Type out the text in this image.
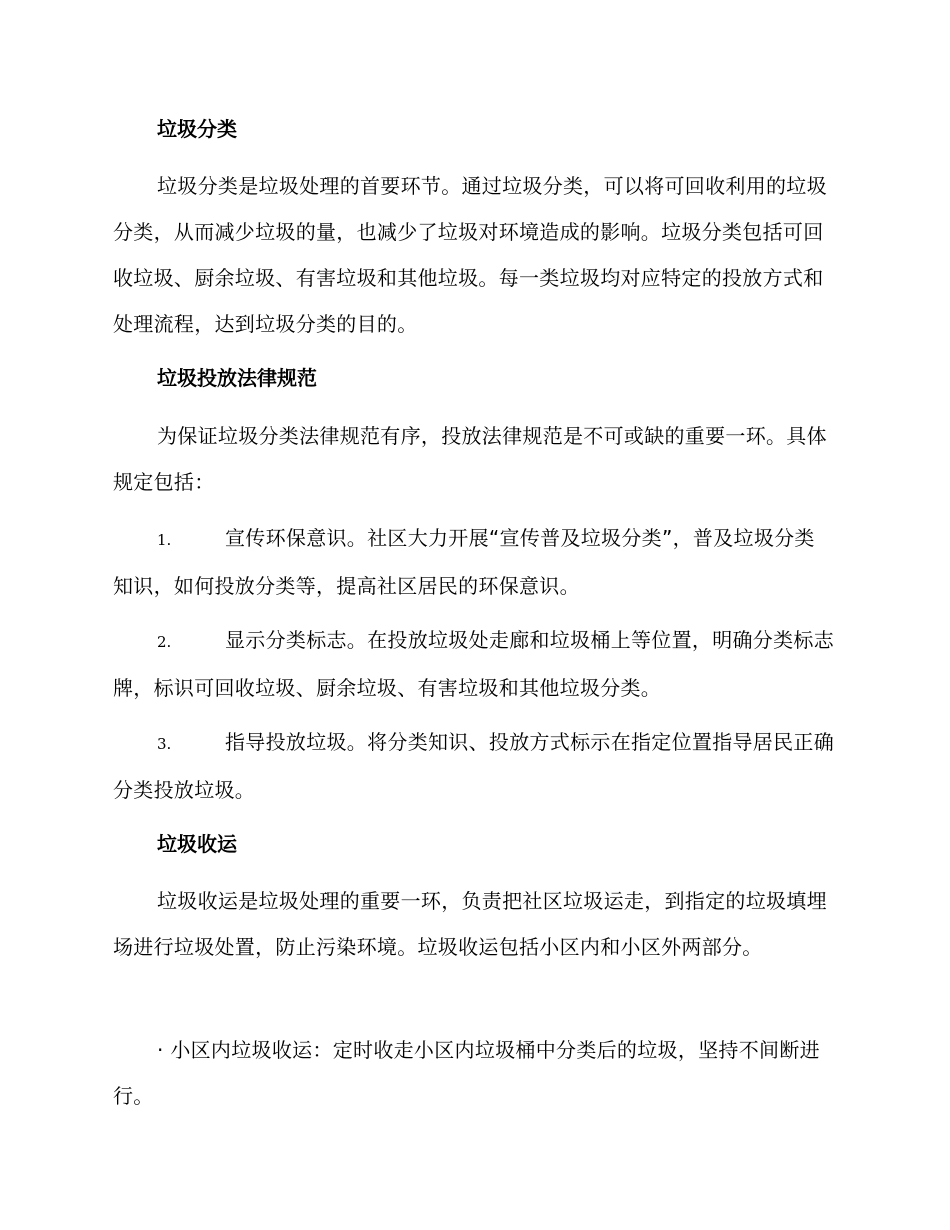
垃圾分类

垃圾分类是垃圾处理的首要环节。通过垃圾分类，可以将可回收利用的垃圾分类，从而减少垃圾的量，也减少了垃圾对环境造成的影响。垃圾分类包括可回收垃圾、厨余垃圾、有害垃圾和其他垃圾。每一类垃圾均对应特定的投放方式和处理流程，达到垃圾分类的目的。

垃圾投放法律规范

为保证垃圾分类法律规范有序，投放法律规范是不可或缺的重要一环。具体规定包括：

1.	宣传环保意识。社区大力开展“宣传普及垃圾分类”，普及垃圾分类知识，如何投放分类等，提高社区居民的环保意识。
2.	显示分类标志。在投放垃圾处走廊和垃圾桶上等位置，明确分类标志牌，标识可回收垃圾、厨余垃圾、有害垃圾和其他垃圾分类。
3.	指导投放垃圾。将分类知识、投放方式标示在指定位置指导居民正确分类投放垃圾。
垃圾收运

垃圾收运是垃圾处理的重要一环，负责把社区垃圾运走，到指定的垃圾填埋场进行垃圾处置，防止污染环境。垃圾收运包括小区内和小区外两部分。

· 小区内垃圾收运：定时收走小区内垃圾桶中分类后的垃圾，坚持不间断进行。
